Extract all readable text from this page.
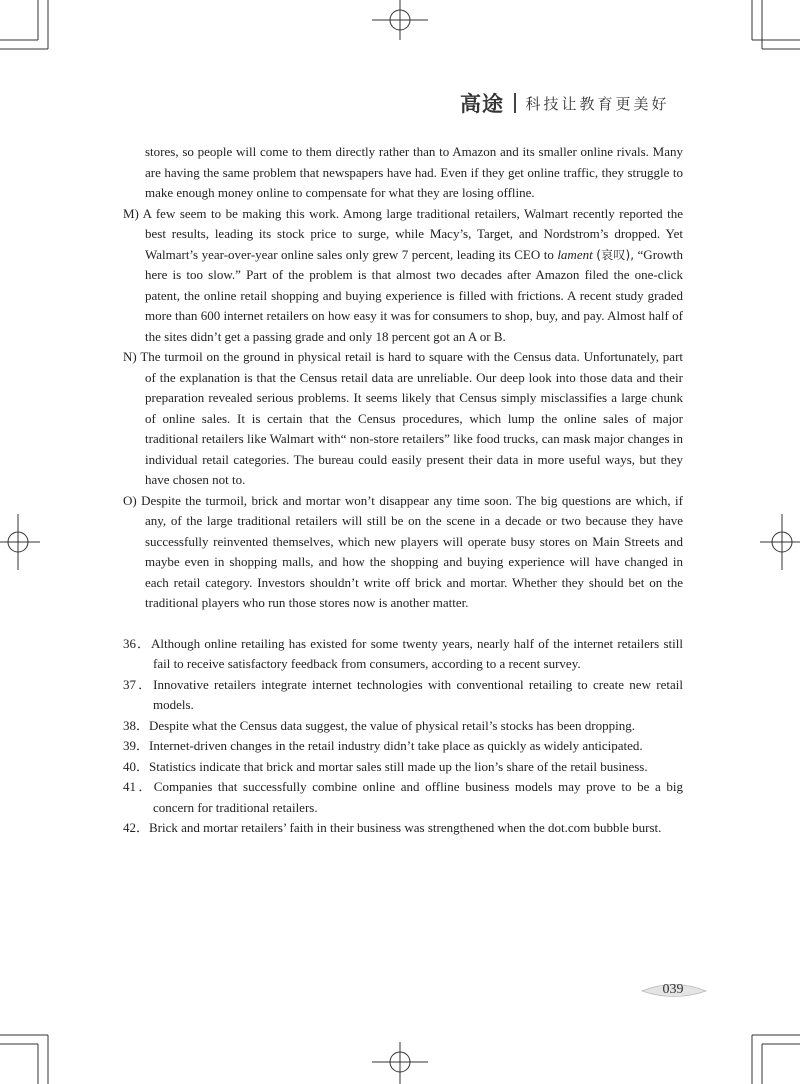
高途 科技让教育更美好
stores, so people will come to them directly rather than to Amazon and its smaller online rivals. Many are having the same problem that newspapers have had. Even if they get online traffic, they struggle to make enough money online to compensate for what they are losing offline.
M) A few seem to be making this work. Among large traditional retailers, Walmart recently reported the best results, leading its stock price to surge, while Macy’s, Target, and Nordstrom’s dropped. Yet Walmart’s year-over-year online sales only grew 7 percent, leading its CEO to lament (哀叹), “Growth here is too slow.” Part of the problem is that almost two decades after Amazon filed the one-click patent, the online retail shopping and buying experience is filled with frictions. A recent study graded more than 600 internet retailers on how easy it was for consumers to shop, buy, and pay. Almost half of the sites didn’t get a passing grade and only 18 percent got an A or B.
N) The turmoil on the ground in physical retail is hard to square with the Census data. Unfortunately, part of the explanation is that the Census retail data are unreliable. Our deep look into those data and their preparation revealed serious problems. It seems likely that Census simply misclassifies a large chunk of online sales. It is certain that the Census procedures, which lump the online sales of major traditional retailers like Walmart with“ non-store retailers” like food trucks, can mask major changes in individual retail categories. The bureau could easily present their data in more useful ways, but they have chosen not to.
O) Despite the turmoil, brick and mortar won’t disappear any time soon. The big questions are which, if any, of the large traditional retailers will still be on the scene in a decade or two because they have successfully reinvented themselves, which new players will operate busy stores on Main Streets and maybe even in shopping malls, and how the shopping and buying experience will have changed in each retail category. Investors shouldn’t write off brick and mortar. Whether they should bet on the traditional players who run those stores now is another matter.
36．Although online retailing has existed for some twenty years, nearly half of the internet retailers still fail to receive satisfactory feedback from consumers, according to a recent survey.
37．Innovative retailers integrate internet technologies with conventional retailing to create new retail models.
38．Despite what the Census data suggest, the value of physical retail’s stocks has been dropping.
39．Internet-driven changes in the retail industry didn’t take place as quickly as widely anticipated.
40．Statistics indicate that brick and mortar sales still made up the lion’s share of the retail business.
41．Companies that successfully combine online and offline business models may prove to be a big concern for traditional retailers.
42．Brick and mortar retailers’ faith in their business was strengthened when the dot.com bubble burst.
039
